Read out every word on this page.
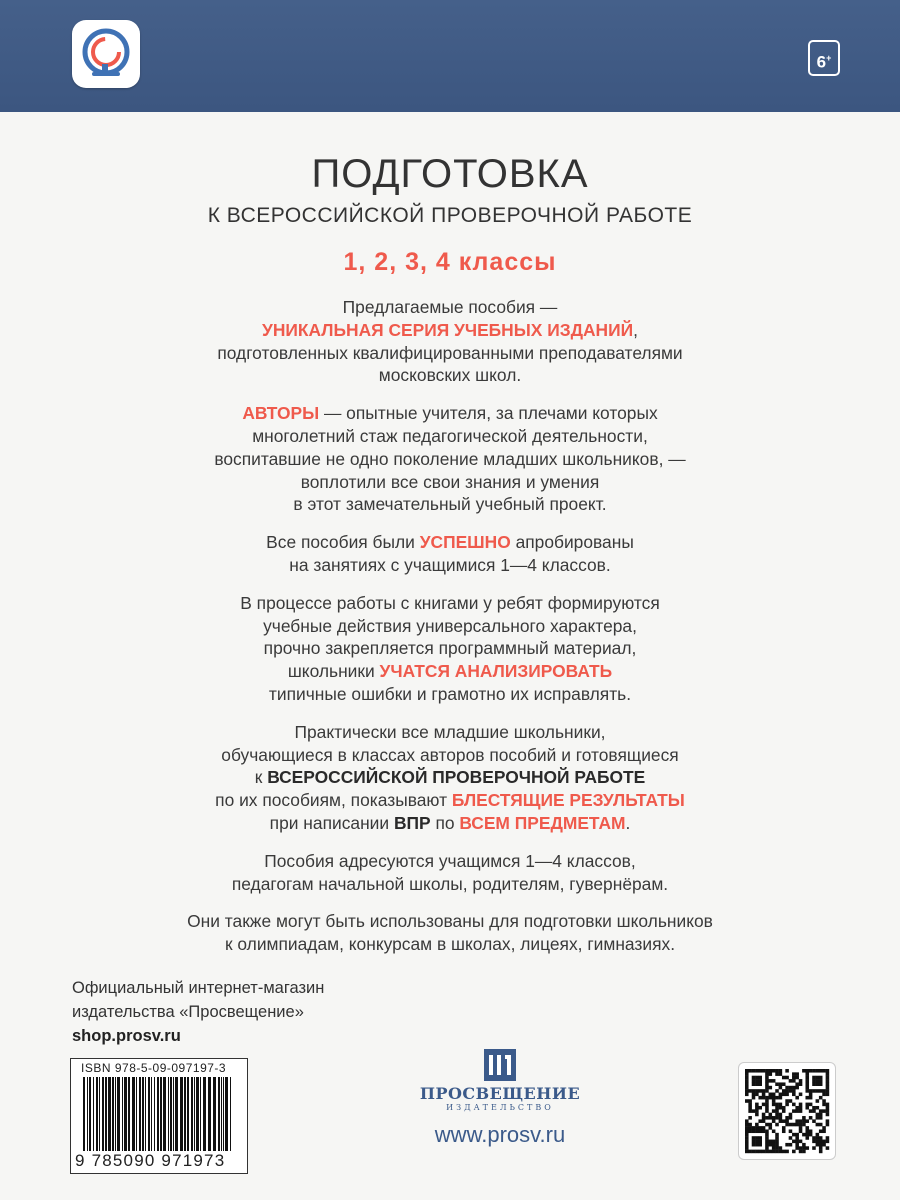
6+
ПОДГОТОВКА
К ВСЕРОССИЙСКОЙ ПРОВЕРОЧНОЙ РАБОТЕ
1, 2, 3, 4 классы

Предлагаемые пособия —
УНИКАЛЬНАЯ СЕРИЯ УЧЕБНЫХ ИЗДАНИЙ,
подготовленных квалифицированными преподавателями
московских школ.

АВТОРЫ — опытные учителя, за плечами которых
многолетний стаж педагогической деятельности,
воспитавшие не одно поколение младших школьников, —
воплотили все свои знания и умения
в этот замечательный учебный проект.

Все пособия были УСПЕШНО апробированы
на занятиях с учащимися 1—4 классов.

В процессе работы с книгами у ребят формируются
учебные действия универсального характера,
прочно закрепляется программный материал,
школьники УЧАТСЯ АНАЛИЗИРОВАТЬ
типичные ошибки и грамотно их исправлять.

Практически все младшие школьники,
обучающиеся в классах авторов пособий и готовящиеся
к ВСЕРОССИЙСКОЙ ПРОВЕРОЧНОЙ РАБОТЕ
по их пособиям, показывают БЛЕСТЯЩИЕ РЕЗУЛЬТАТЫ
при написании ВПР по ВСЕМ ПРЕДМЕТАМ.

Пособия адресуются учащимся 1—4 классов,
педагогам начальной школы, родителям, гувернёрам.

Они также могут быть использованы для подготовки школьников
к олимпиадам, конкурсам в школах, лицеях, гимназиях.

Официальный интернет-магазин
издательства «Просвещение»
shop.prosv.ru
ISBN 978-5-09-097197-3
9 785090 971973
ПРОСВЕЩЕНИЕ
ИЗДАТЕЛЬСТВО
www.prosv.ru
